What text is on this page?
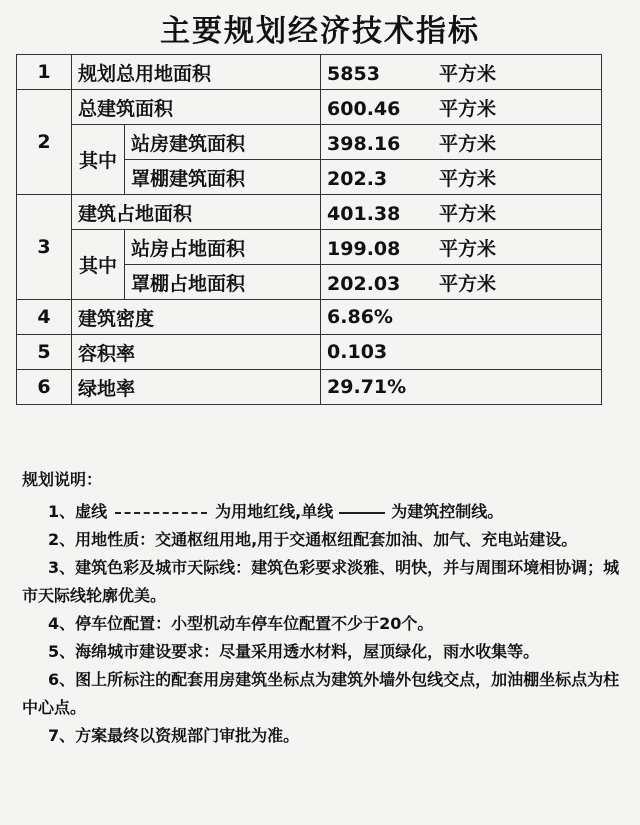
主要规划经济技术指标
1	规划总用地面积		5853 平方米
2	总建筑面积		600.46 平方米
	其中	站房建筑面积	398.16 平方米
		罩棚建筑面积	202.3 平方米
3	建筑占地面积		401.38 平方米
	其中	站房占地面积	199.08 平方米
		罩棚占地面积	202.03 平方米
4	建筑密度		6.86%
5	容积率		0.103
6	绿地率		29.71%

规划说明：

1、虚线	为用地红线,单线	为建筑控制线。

2、用地性质：交通枢纽用地,用于交通枢纽配套加油、加气、充电站建设。

3、建筑色彩及城市天际线：建筑色彩要求淡雅、明快，并与周围环境相协调；城市天际线轮廓优美。

4、停车位配置：小型机动车停车位配置不少于20个。

5、海绵城市建设要求：尽量采用透水材料，屋顶绿化，雨水收集等。

6、图上所标注的配套用房建筑坐标点为建筑外墙外包线交点，加油棚坐标点为柱中心点。

7、方案最终以资规部门审批为准。
